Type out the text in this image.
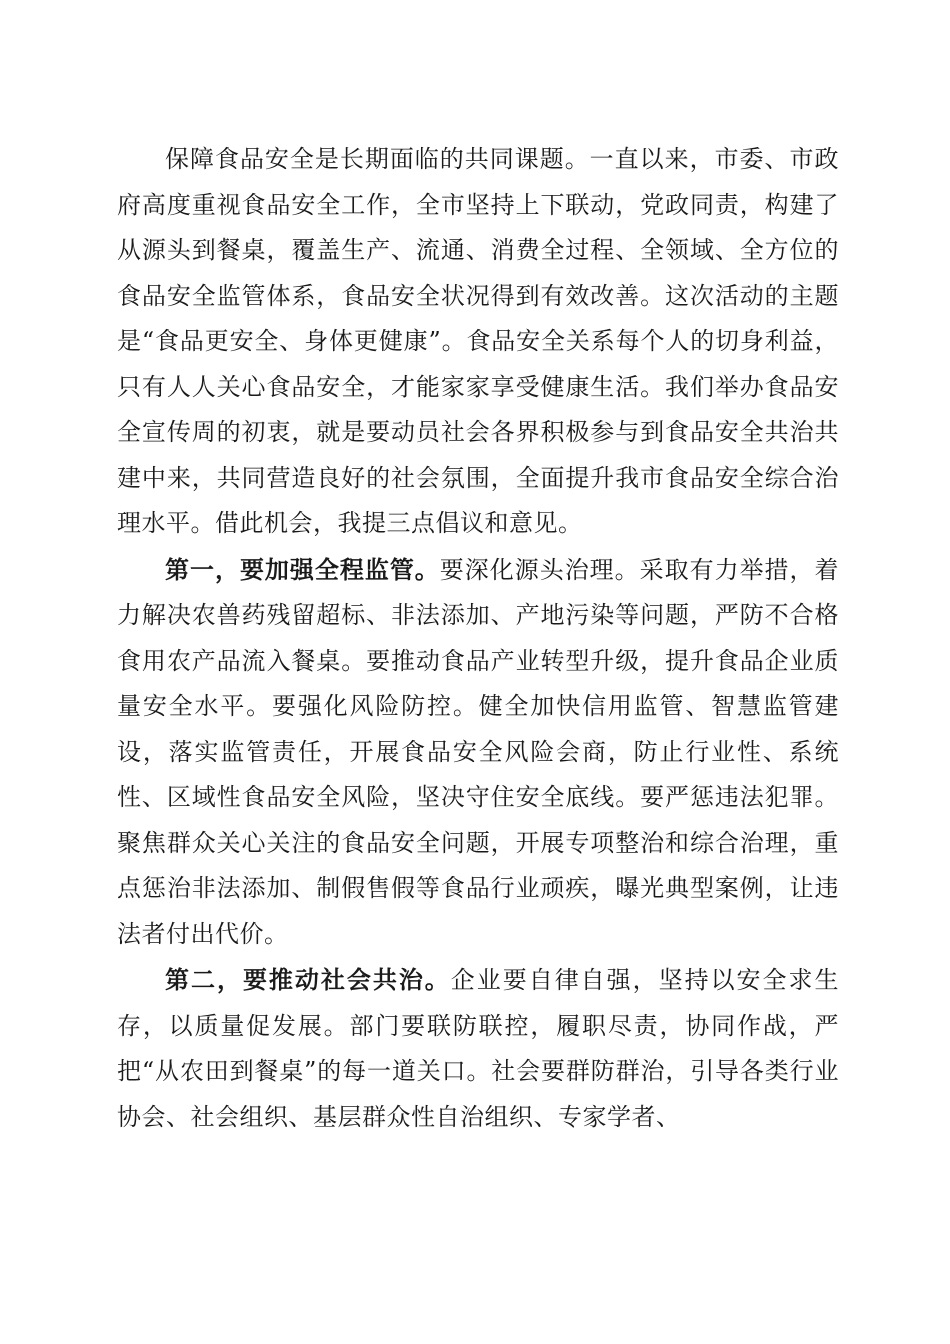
保障食品安全是长期面临的共同课题。一直以来，市委、市政府高度重视食品安全工作，全市坚持上下联动，党政同责，构建了从源头到餐桌，覆盖生产、流通、消费全过程、全领域、全方位的食品安全监管体系，食品安全状况得到有效改善。这次活动的主题是“食品更安全、身体更健康”。食品安全关系每个人的切身利益，只有人人关心食品安全，才能家家享受健康生活。我们举办食品安全宣传周的初衷，就是要动员社会各界积极参与到食品安全共治共建中来，共同营造良好的社会氛围，全面提升我市食品安全综合治理水平。借此机会，我提三点倡议和意见。

第一，要加强全程监管。要深化源头治理。采取有力举措，着力解决农兽药残留超标、非法添加、产地污染等问题，严防不合格食用农产品流入餐桌。要推动食品产业转型升级，提升食品企业质量安全水平。要强化风险防控。健全加快信用监管、智慧监管建设，落实监管责任，开展食品安全风险会商，防止行业性、系统性、区域性食品安全风险，坚决守住安全底线。要严惩违法犯罪。聚焦群众关心关注的食品安全问题，开展专项整治和综合治理，重点惩治非法添加、制假售假等食品行业顽疾，曝光典型案例，让违法者付出代价。

第二，要推动社会共治。企业要自律自强，坚持以安全求生存，以质量促发展。部门要联防联控，履职尽责，协同作战，严把“从农田到餐桌”的每一道关口。社会要群防群治，引导各类行业协会、社会组织、基层群众性自治组织、专家学者、
